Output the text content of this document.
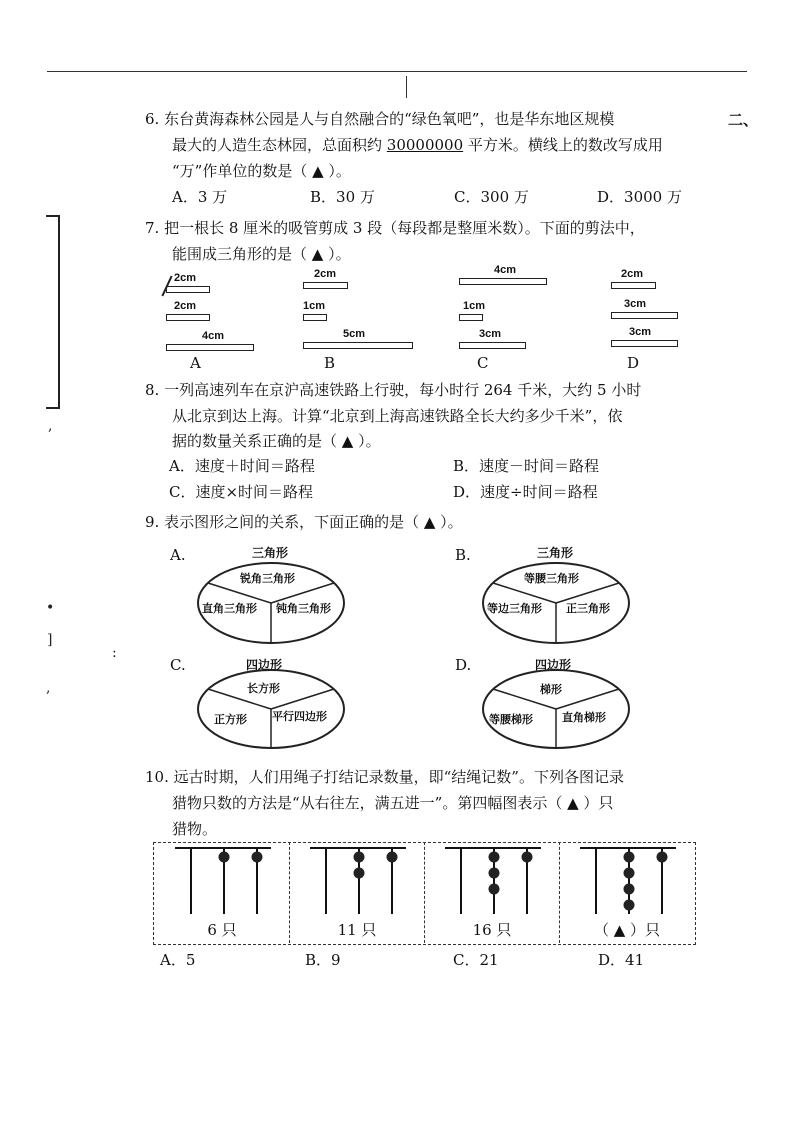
,
•
]
:
,
二、
6. 东台黄海森林公园是人与自然融合的“绿色氧吧”，也是华东地区规模
最大的人造生态林园，总面积约 30000000 平方米。横线上的数改写成用
“万”作单位的数是（ ▲ ）。
A．3 万	B．30 万	C．300 万	D．3000 万
7. 把一根长 8 厘米的吸管剪成 3 段（每段都是整厘米数）。下面的剪法中，
能围成三角形的是（ ▲ ）。
2cm
2cm
4cm
A
2cm
1cm
5cm
B
4cm
1cm
3cm
C
2cm
3cm
3cm
D
8. 一列高速列车在京沪高速铁路上行驶，每小时行 264 千米，大约 5 小时
从北京到达上海。计算“北京到上海高速铁路全长大约多少千米”，依
据的数量关系正确的是（ ▲ ）。
A．速度＋时间＝路程	B．速度－时间＝路程
C．速度×时间＝路程	D．速度÷时间＝路程
9. 表示图形之间的关系，下面正确的是（ ▲ ）。
A.	三角形
锐角三角形
直角三角形 钝角三角形
B.	三角形
等腰三角形
等边三角形 正三角形
C.	四边形
长方形
正方形 平行四边形
D.	四边形
梯形
等腰梯形	直角梯形
10. 远古时期，人们用绳子打结记录数量，即“结绳记数”。下列各图记录
猎物只数的方法是“从右往左，满五进一”。第四幅图表示（ ▲ ）只
猎物。
6 只	11 只	16 只	（ ▲ ）只
A．5	B．9	C．21	D．41
